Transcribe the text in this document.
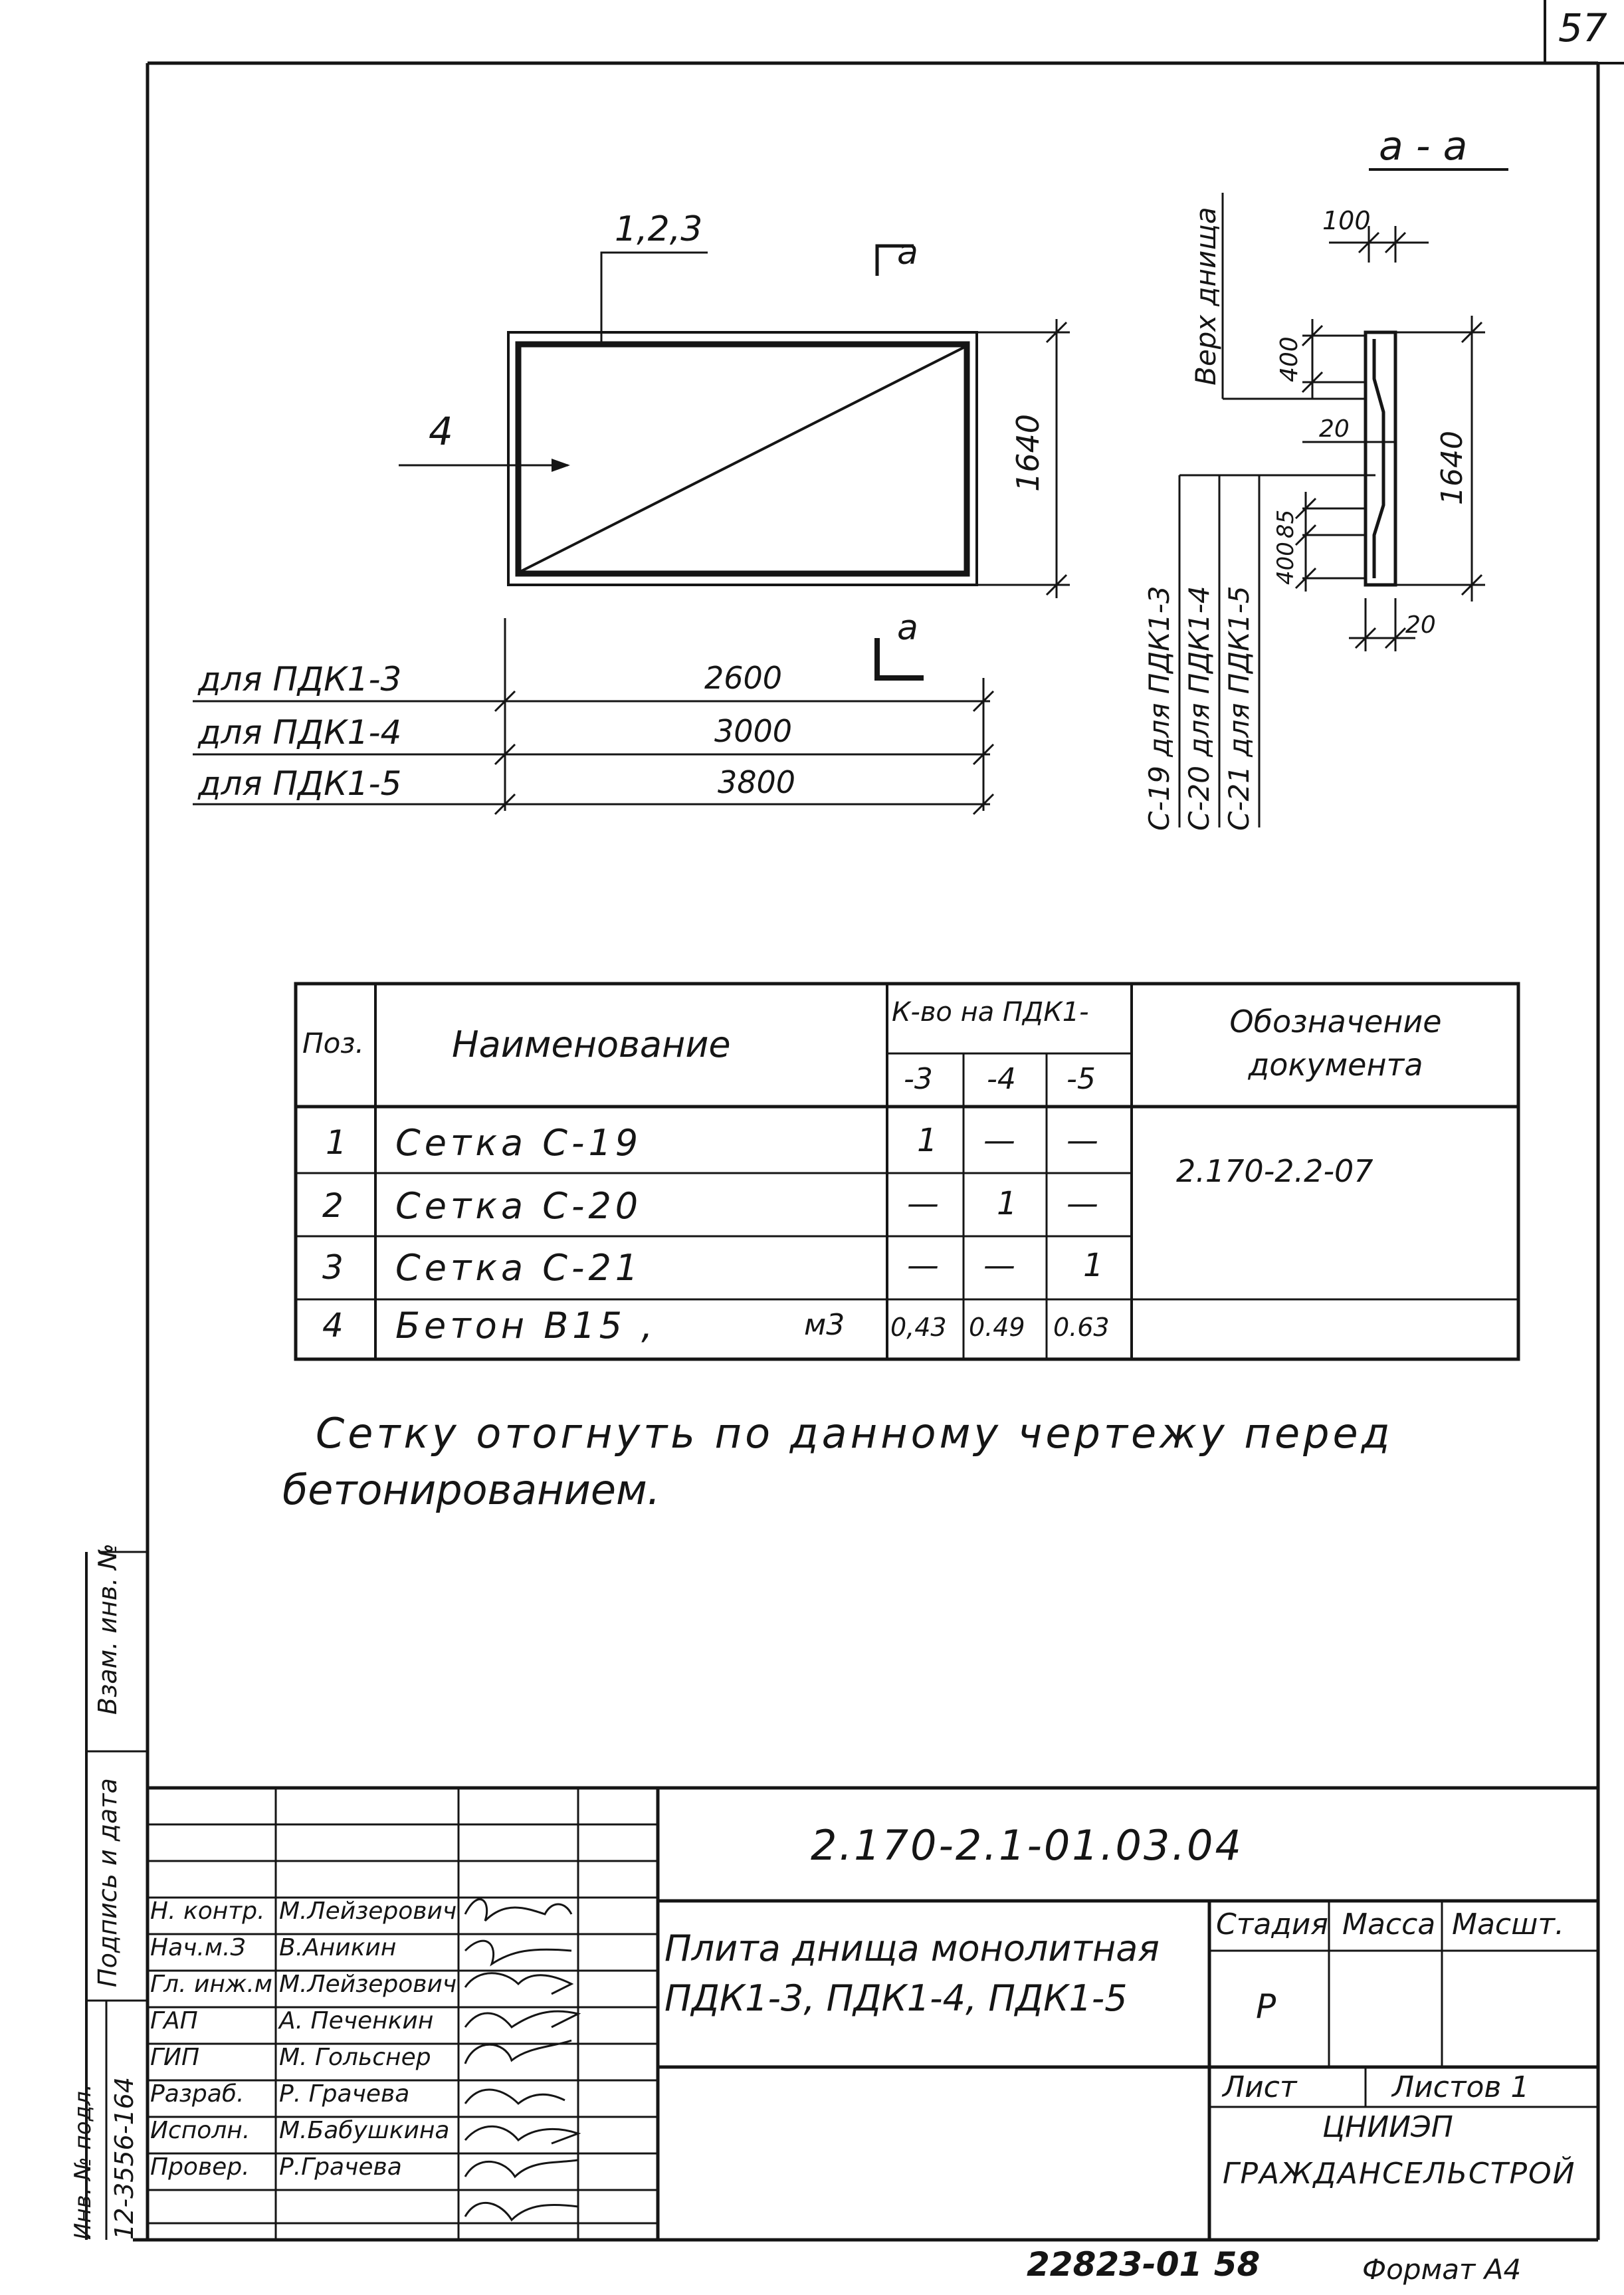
57
1,2,3
4
a
a
1640
для ПДК1-3	2600
для ПДК1-4	3000
для ПДК1-5	3800
a - a
100
Верх днища 400
20
85
400
20
1640
С-19 для ПДК1-3 С-20 для ПДК1-4 С-21 для ПДК1-5
Поз. Наименование
К-во на ПДК1-
-3 -4 -5
Обозначение документа
1 Сетка С-19	1 — —
2 Сетка С-20	— 1 —
3 Сетка С-21	— — 1
4 Бетон В15 ,	м3 0,43 0.49 0.63
2.170-2.2-07
Сетку отогнуть по данному чертежу перед
бетонированием.
Взам. инв. №
Подпись и дата
Инв. № подл. 12-3556-164
2.170-2.1-01.03.04
Плита днища монолитная
ПДК1-3, ПДК1-4, ПДК1-5
Стадия Масса Масшт.
Р
Лист	Листов 1
ЦНИИЭП
ГРАЖДАНСЕЛЬСТРОЙ
Н. контр. М.Лейзерович
Нач.м.З В.Аникин
Гл. инж.м М.Лейзерович
ГАП	А. Печенкин
ГИП	М. Гольснер
Разраб. Р. Грачева
Исполн. М.Бабушкина
Провер. Р.Грачева
22823-01 58	Формат А4
